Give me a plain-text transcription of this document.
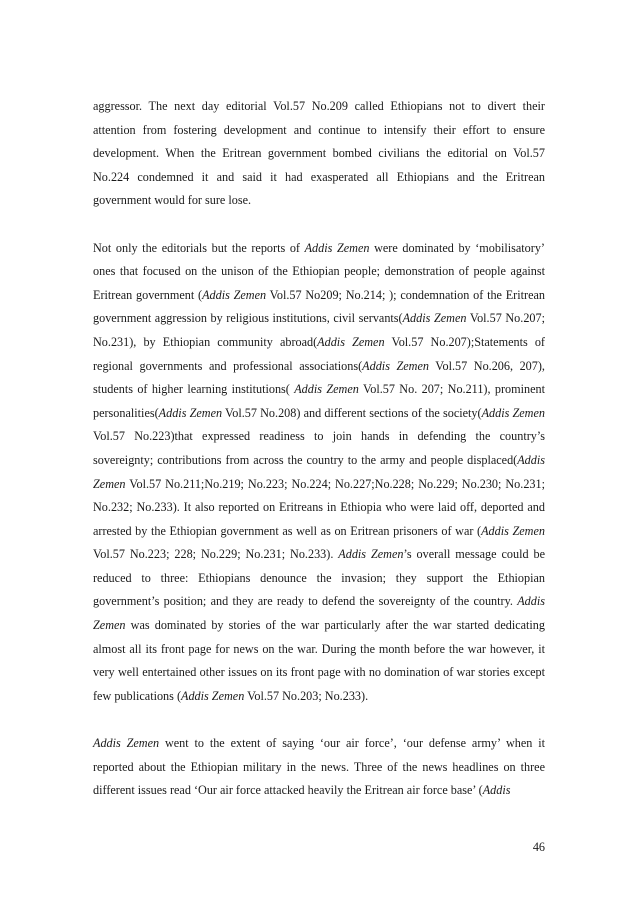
aggressor. The next day editorial Vol.57 No.209 called Ethiopians not to divert their attention from fostering development and continue to intensify their effort to ensure development. When the Eritrean government bombed civilians the editorial on Vol.57 No.224 condemned it and said it had exasperated all Ethiopians and the Eritrean government would for sure lose.

Not only the editorials but the reports of Addis Zemen were dominated by ‘mobilisatory’ ones that focused on the unison of the Ethiopian people; demonstration of people against Eritrean government (Addis Zemen Vol.57 No209; No.214; ); condemnation of the Eritrean government aggression by religious institutions, civil servants(Addis Zemen Vol.57 No.207; No.231), by Ethiopian community abroad(Addis Zemen Vol.57 No.207);Statements of regional governments and professional associations(Addis Zemen Vol.57 No.206, 207), students of higher learning institutions( Addis Zemen Vol.57 No. 207; No.211), prominent personalities(Addis Zemen Vol.57 No.208) and different sections of the society(Addis Zemen Vol.57 No.223)that expressed readiness to join hands in defending the country’s sovereignty; contributions from across the country to the army and people displaced(Addis Zemen Vol.57 No.211;No.219; No.223; No.224; No.227;No.228; No.229; No.230; No.231; No.232; No.233). It also reported on Eritreans in Ethiopia who were laid off, deported and arrested by the Ethiopian government as well as on Eritrean prisoners of war (Addis Zemen Vol.57 No.223; 228; No.229; No.231; No.233). Addis Zemen’s overall message could be reduced to three: Ethiopians denounce the invasion; they support the Ethiopian government’s position; and they are ready to defend the sovereignty of the country. Addis Zemen was dominated by stories of the war particularly after the war started dedicating almost all its front page for news on the war. During the month before the war however, it very well entertained other issues on its front page with no domination of war stories except few publications (Addis Zemen Vol.57 No.203; No.233).

Addis Zemen went to the extent of saying ‘our air force’, ‘our defense army’ when it reported about the Ethiopian military in the news. Three of the news headlines on three different issues read ‘Our air force attacked heavily the Eritrean air force base’ (Addis

46
